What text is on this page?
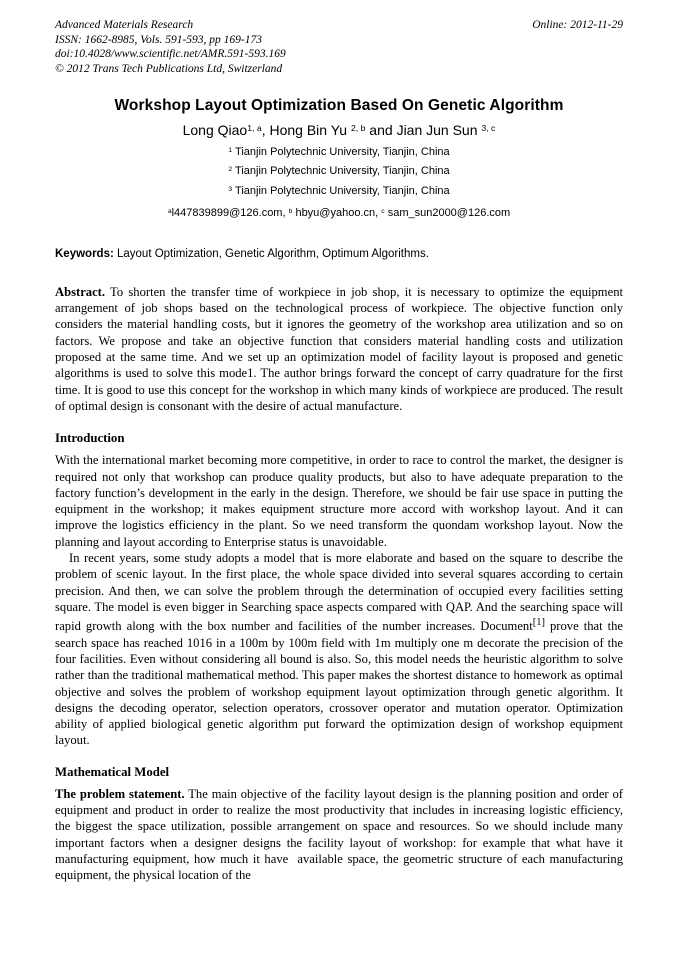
Advanced Materials Research
ISSN: 1662-8985, Vols. 591-593, pp 169-173
doi:10.4028/www.scientific.net/AMR.591-593.169
© 2012 Trans Tech Publications Ltd, Switzerland
Online: 2012-11-29
Workshop Layout Optimization Based On Genetic Algorithm
Long Qiao$^{1, a}$, Hong Bin Yu $^{2, b}$ and Jian Jun Sun $^{3, c}$
$^1$ Tianjin Polytechnic University, Tianjin, China
$^2$ Tianjin Polytechnic University, Tianjin, China
$^3$ Tianjin Polytechnic University, Tianjin, China
$^a$l447839899@126.com, $^b$ hbyu@yahoo.cn, $^c$ sam_sun2000@126.com
Keywords: Layout Optimization, Genetic Algorithm, Optimum Algorithms.

Abstract. To shorten the transfer time of workpiece in job shop, it is necessary to optimize the equipment arrangement of job shops based on the technological process of workpiece. The objective function only considers the material handling costs, but it ignores the geometry of the workshop area utilization and so on factors. We propose and take an objective function that considers material handling costs and utilization proposed at the same time. And we set up an optimization model of facility layout is proposed and genetic algorithms is used to solve this mode1. The author brings forward the concept of carry quadrature for the first time. It is good to use this concept for the workshop in which many kinds of workpiece are produced. The result of optimal design is consonant with the desire of actual manufacture.

Introduction

With the international market becoming more competitive, in order to race to control the market, the designer is required not only that workshop can produce quality products, but also to have adequate preparation to the factory function’s development in the early in the design. Therefore, we should be fair use space in putting the equipment in the workshop; it makes equipment structure more accord with workshop layout. And it can improve the logistics efficiency in the plant. So we need transform the quondam workshop layout. Now the planning and layout according to Enterprise status is unavoidable.

In recent years, some study adopts a model that is more elaborate and based on the square to describe the problem of scenic layout. In the first place, the whole space divided into several squares according to certain precision. And then, we can solve the problem through the determination of occupied every facilities setting square. The model is even bigger in Searching space aspects compared with QAP. And the searching space will rapid growth along with the box number and facilities of the number increases. Document[1] prove that the search space has reached 1016 in a 100m by 100m field with 1m multiply one m decorate the precision of the four facilities. Even without considering all bound is also. So, this model needs the heuristic algorithm to solve rather than the traditional mathematical method. This paper makes the shortest distance to homework as optimal objective and solves the problem of workshop equipment layout optimization through genetic algorithm. It designs the decoding operator, selection operators, crossover operator and mutation operator. Optimization ability of applied biological genetic algorithm put forward the optimization design of workshop equipment layout.

Mathematical Model

The problem statement. The main objective of the facility layout design is the planning position and order of equipment and product in order to realize the most productivity that includes in increasing logistic efficiency, the biggest the space utilization, possible arrangement on space and resources. So we should include many important factors when a designer designs the facility layout of workshop: for example that what have it manufacturing equipment, how much it have  available space, the geometric structure of each manufacturing equipment, the physical location of the
